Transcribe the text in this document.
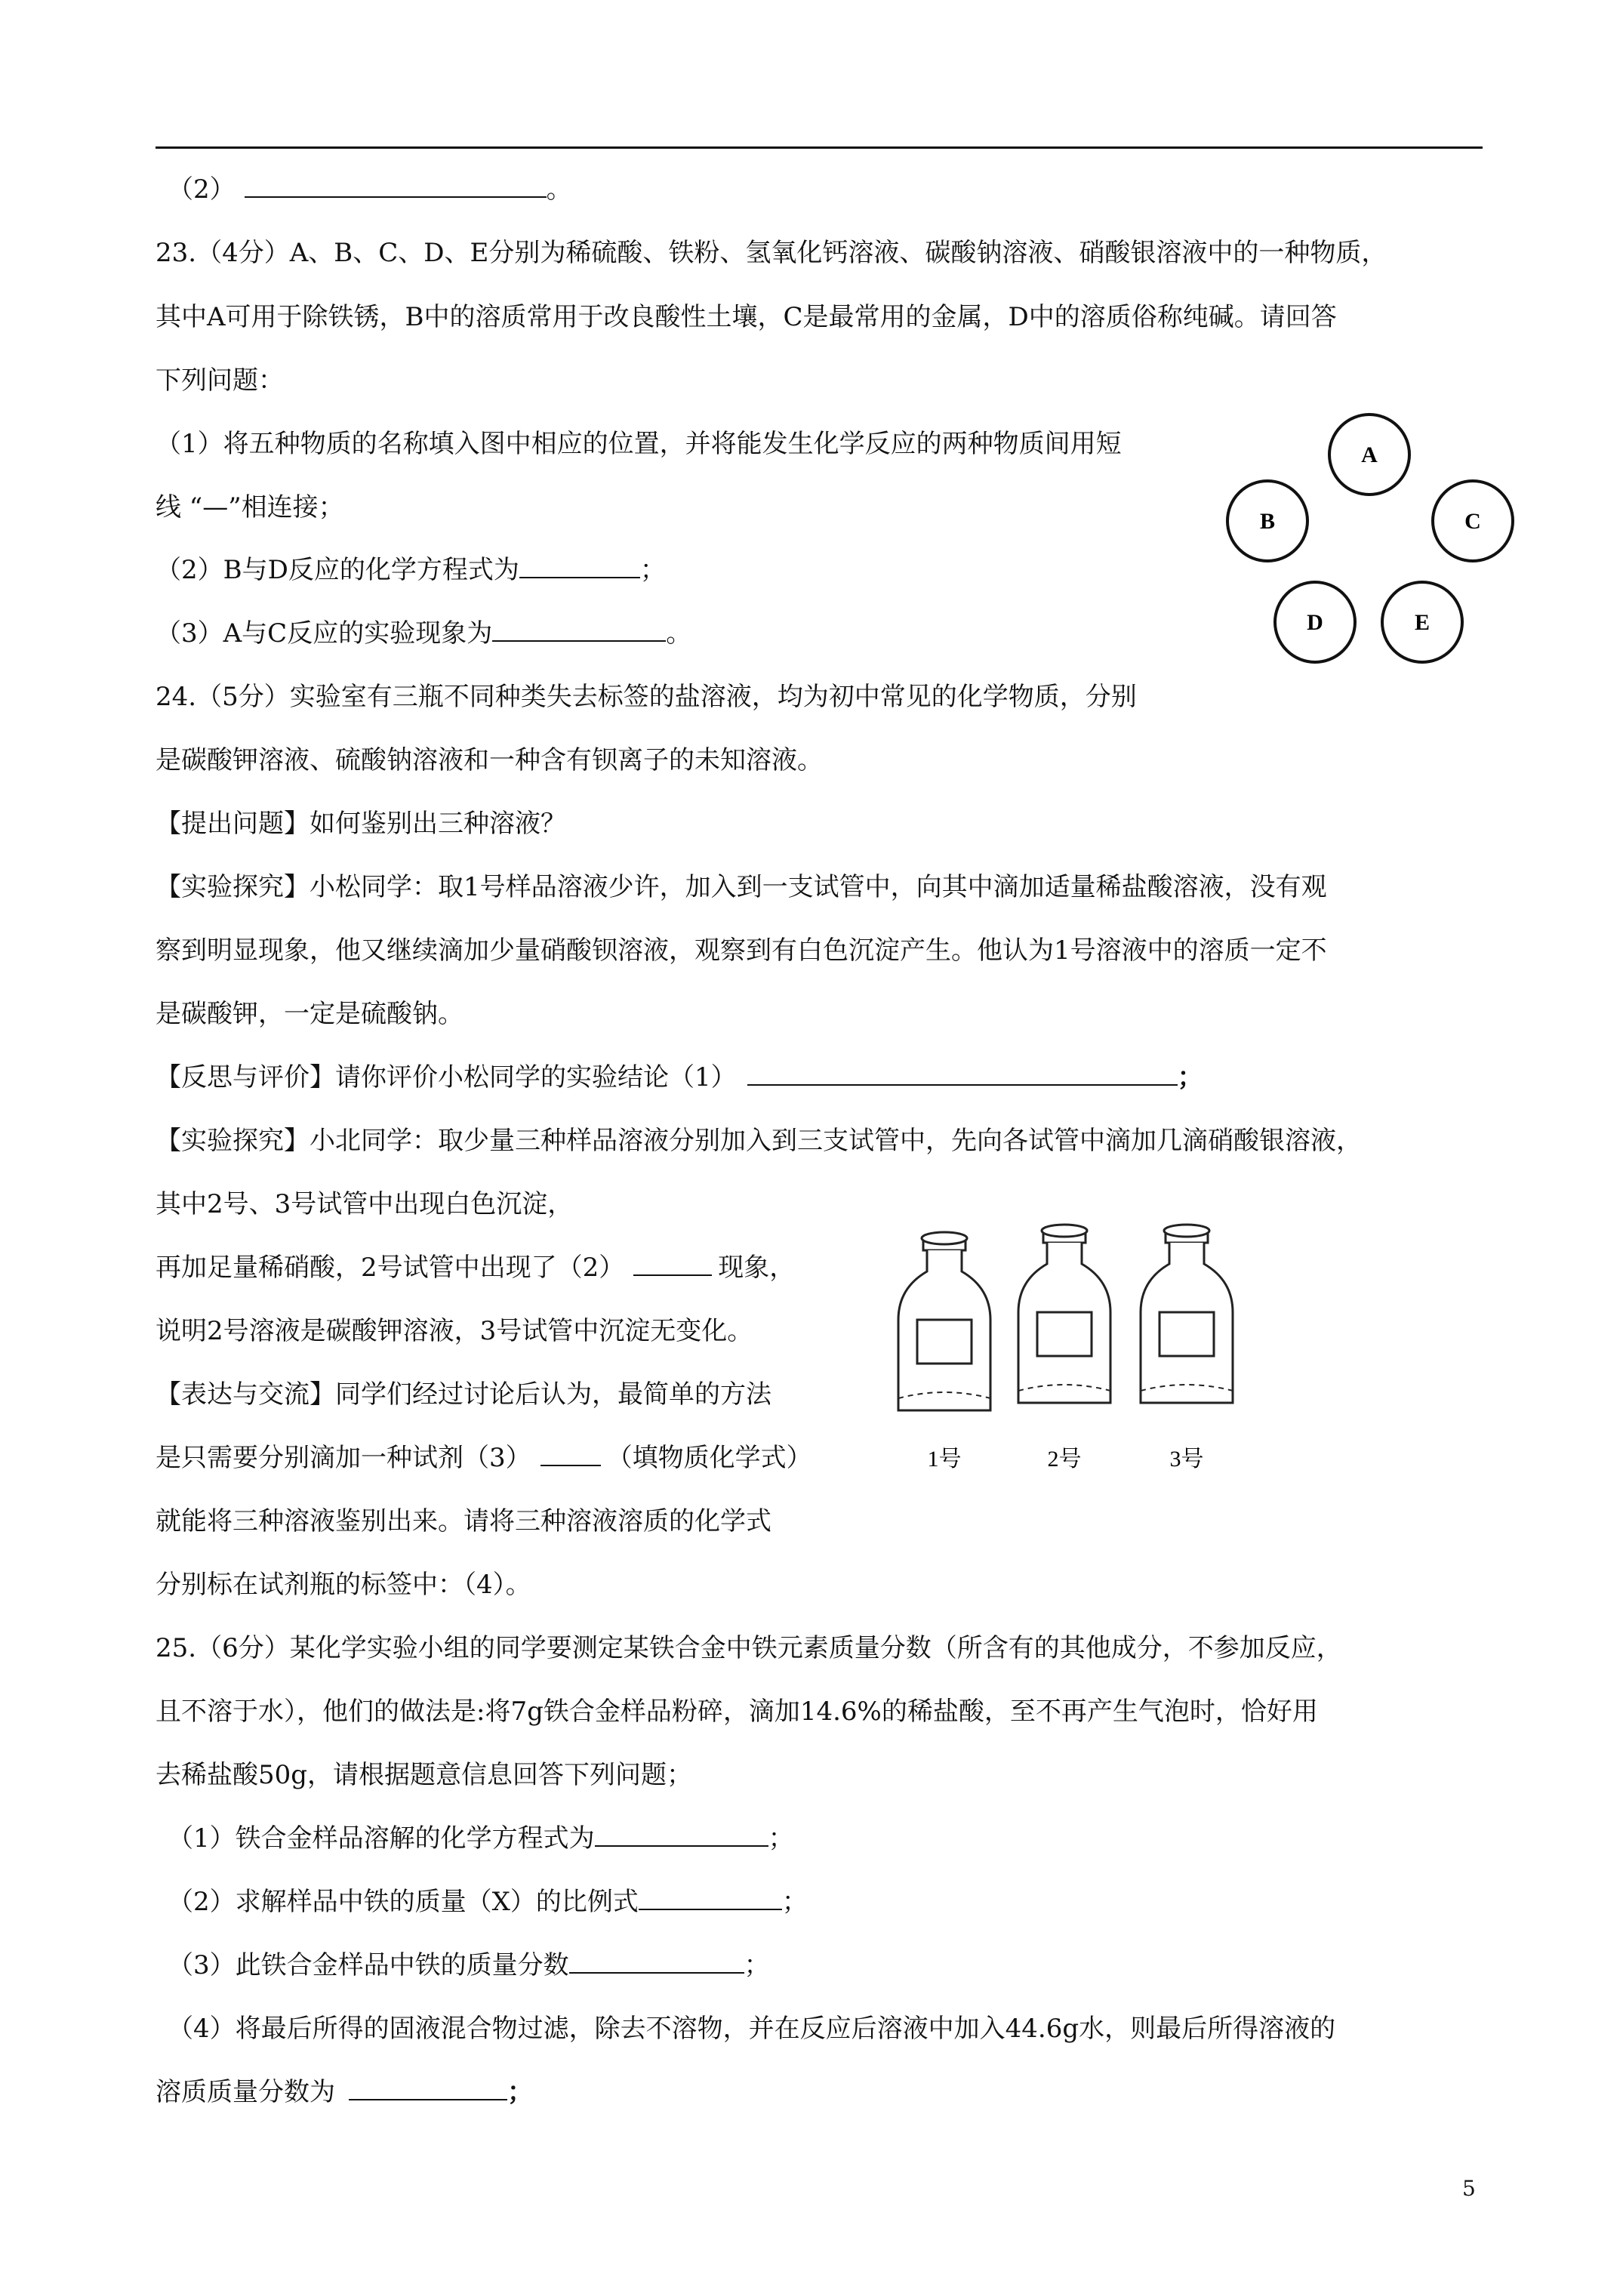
（2）	。
23.（4分）A、B、C、D、E分别为稀硫酸、铁粉、氢氧化钙溶液、碳酸钠溶液、硝酸银溶液中的一种物质，
其中A可用于除铁锈，B中的溶质常用于改良酸性土壤，C是最常用的金属，D中的溶质俗称纯碱。请回答
下列问题：
（1）将五种物质的名称填入图中相应的位置，并将能发生化学反应的两种物质间用短
线 “—”相连接；
（2）B与D反应的化学方程式为	；
（3）A与C反应的实验现象为	。
A
B	C
D	E
24.（5分）实验室有三瓶不同种类失去标签的盐溶液，均为初中常见的化学物质，分别
是碳酸钾溶液、硫酸钠溶液和一种含有钡离子的未知溶液。
【提出问题】如何鉴别出三种溶液？
【实验探究】小松同学：取1号样品溶液少许，加入到一支试管中，向其中滴加适量稀盐酸溶液，没有观
察到明显现象，他又继续滴加少量硝酸钡溶液，观察到有白色沉淀产生。他认为1号溶液中的溶质一定不
是碳酸钾，一定是硫酸钠。
【反思与评价】请你评价小松同学的实验结论（1）	；
【实验探究】小北同学：取少量三种样品溶液分别加入到三支试管中，先向各试管中滴加几滴硝酸银溶液，
其中2号、3号试管中出现白色沉淀，
再加足量稀硝酸，2号试管中出现了（2）	现象，
说明2号溶液是碳酸钾溶液，3号试管中沉淀无变化。
【表达与交流】同学们经过讨论后认为，最简单的方法
是只需要分别滴加一种试剂（3）	（填物质化学式）
就能将三种溶液鉴别出来。请将三种溶液溶质的化学式
分别标在试剂瓶的标签中：（4）。
1号	2号	3号
25.（6分）某化学实验小组的同学要测定某铁合金中铁元素质量分数（所含有的其他成分，不参加反应，
且不溶于水），他们的做法是:将7g铁合金样品粉碎，滴加14.6%的稀盐酸，至不再产生气泡时，恰好用
去稀盐酸50g，请根据题意信息回答下列问题；
（1）铁合金样品溶解的化学方程式为	；
（2）求解样品中铁的质量（X）的比例式	；
（3）此铁合金样品中铁的质量分数	；
（4）将最后所得的固液混合物过滤，除去不溶物，并在反应后溶液中加入44.6g水，则最后所得溶液的
溶质质量分数为	；
5
